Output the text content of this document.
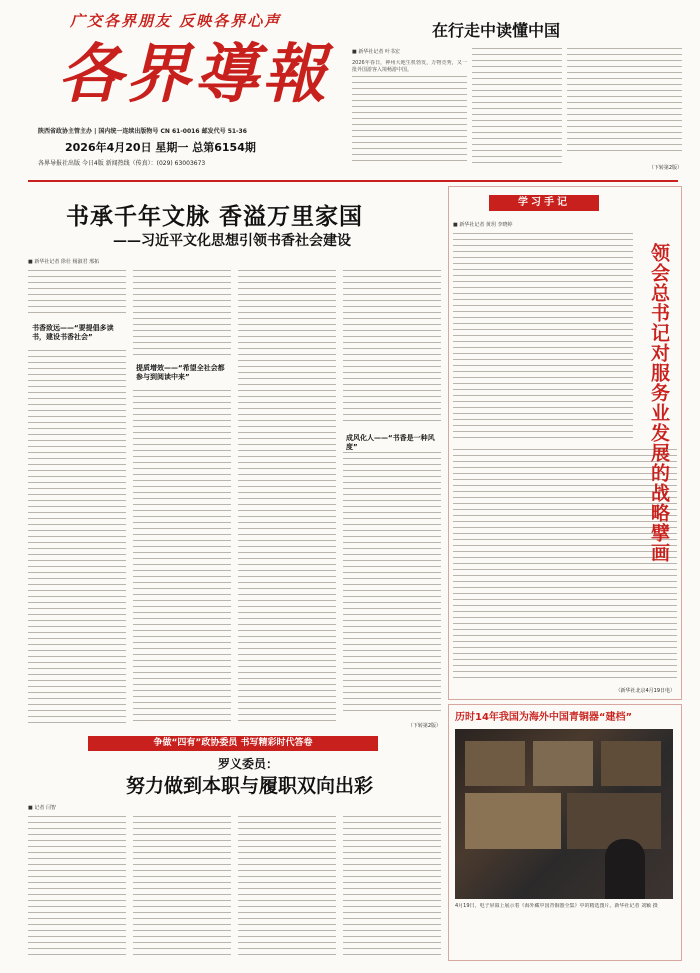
广交各界朋友 反映各界心声
各界導報
陕西省政协主管主办 | 国内统一连续出版物号 CN 61-0016 邮发代号 51-36
2026年4月20日 星期一 总第6154期
各界导报社出版 今日4版 新闻热线（传真）：(029) 63003673
在行走中读懂中国
■ 新华社记者 叶书宏
2026年春日，神州大地生机勃发，万物竞秀，又一批外国游客入境畅游中国。
（下转第2版）
书承千年文脉 香溢万里家国
——习近平文化思想引领书香社会建设
■ 新华社记者 徐壮 杨淑君 邢拓
书香致远——“要提倡多读书，建设书香社会”
提质增效——“希望全社会都参与到阅读中来”
成风化人——“书香是一种风度”
（下转第2版）
学习手记
■ 新华社记者 黄玥 李晓婷
领会总书记对服务业发展的战略擘画
（新华社北京4月19日电）
历时14年我国为海外中国青铜器“建档”
4月19日，电子屏幕上展示着《海外藏中国青铜器全集》中的精选图片。新华社记者 刘颖 摄
争做“四有”政协委员 书写精彩时代答卷
罗义委员：
努力做到本职与履职双向出彩
■ 记者 闫智
